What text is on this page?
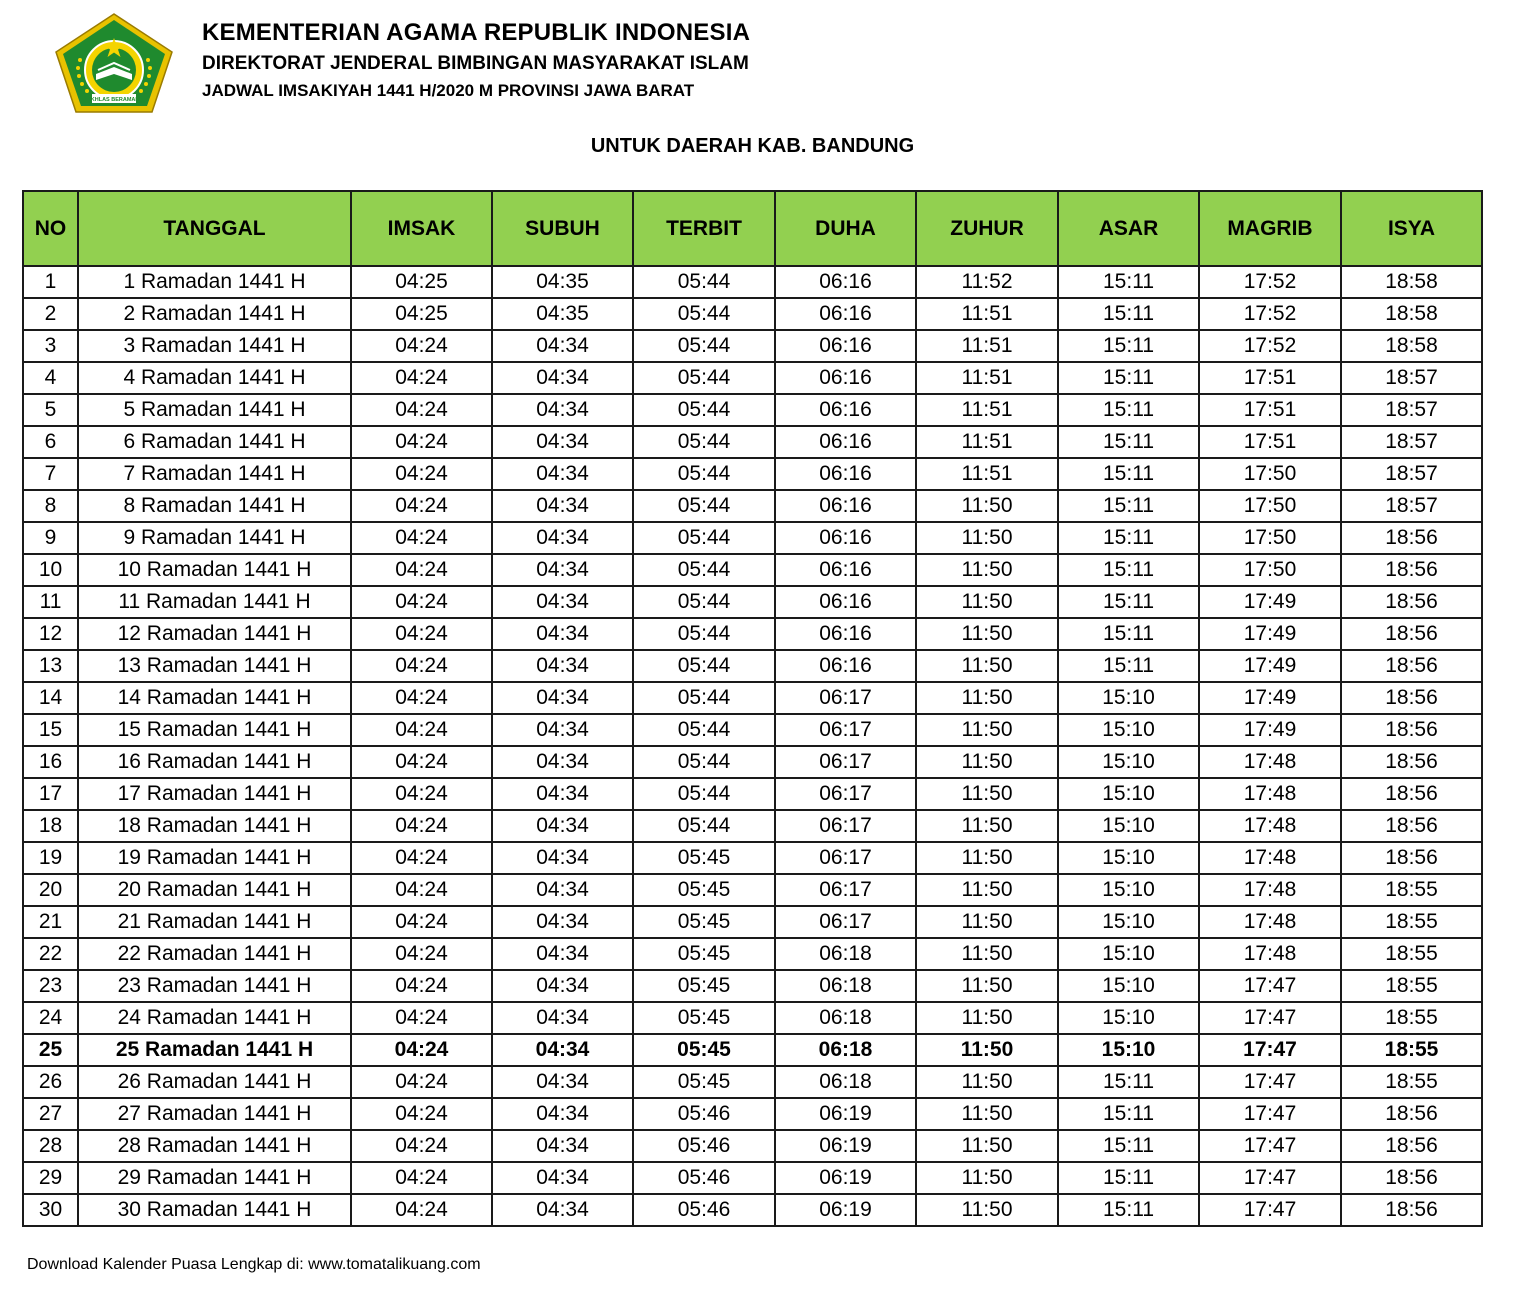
IKHLAS BERAMAL
KEMENTERIAN AGAMA REPUBLIK INDONESIA
DIREKTORAT JENDERAL BIMBINGAN MASYARAKAT ISLAM
JADWAL IMSAKIYAH 1441 H/2020 M PROVINSI JAWA BARAT
UNTUK DAERAH KAB. BANDUNG
NO	TANGGAL	IMSAK	SUBUH	TERBIT	DUHA	ZUHUR	ASAR	MAGRIB	ISYA
1	1 Ramadan 1441 H	04:25	04:35	05:44	06:16	11:52	15:11	17:52	18:58
2	2 Ramadan 1441 H	04:25	04:35	05:44	06:16	11:51	15:11	17:52	18:58
3	3 Ramadan 1441 H	04:24	04:34	05:44	06:16	11:51	15:11	17:52	18:58
4	4 Ramadan 1441 H	04:24	04:34	05:44	06:16	11:51	15:11	17:51	18:57
5	5 Ramadan 1441 H	04:24	04:34	05:44	06:16	11:51	15:11	17:51	18:57
6	6 Ramadan 1441 H	04:24	04:34	05:44	06:16	11:51	15:11	17:51	18:57
7	7 Ramadan 1441 H	04:24	04:34	05:44	06:16	11:51	15:11	17:50	18:57
8	8 Ramadan 1441 H	04:24	04:34	05:44	06:16	11:50	15:11	17:50	18:57
9	9 Ramadan 1441 H	04:24	04:34	05:44	06:16	11:50	15:11	17:50	18:56
10	10 Ramadan 1441 H	04:24	04:34	05:44	06:16	11:50	15:11	17:50	18:56
11	11 Ramadan 1441 H	04:24	04:34	05:44	06:16	11:50	15:11	17:49	18:56
12	12 Ramadan 1441 H	04:24	04:34	05:44	06:16	11:50	15:11	17:49	18:56
13	13 Ramadan 1441 H	04:24	04:34	05:44	06:16	11:50	15:11	17:49	18:56
14	14 Ramadan 1441 H	04:24	04:34	05:44	06:17	11:50	15:10	17:49	18:56
15	15 Ramadan 1441 H	04:24	04:34	05:44	06:17	11:50	15:10	17:49	18:56
16	16 Ramadan 1441 H	04:24	04:34	05:44	06:17	11:50	15:10	17:48	18:56
17	17 Ramadan 1441 H	04:24	04:34	05:44	06:17	11:50	15:10	17:48	18:56
18	18 Ramadan 1441 H	04:24	04:34	05:44	06:17	11:50	15:10	17:48	18:56
19	19 Ramadan 1441 H	04:24	04:34	05:45	06:17	11:50	15:10	17:48	18:56
20	20 Ramadan 1441 H	04:24	04:34	05:45	06:17	11:50	15:10	17:48	18:55
21	21 Ramadan 1441 H	04:24	04:34	05:45	06:17	11:50	15:10	17:48	18:55
22	22 Ramadan 1441 H	04:24	04:34	05:45	06:18	11:50	15:10	17:48	18:55
23	23 Ramadan 1441 H	04:24	04:34	05:45	06:18	11:50	15:10	17:47	18:55
24	24 Ramadan 1441 H	04:24	04:34	05:45	06:18	11:50	15:10	17:47	18:55
25	25 Ramadan 1441 H	04:24	04:34	05:45	06:18	11:50	15:10	17:47	18:55
26	26 Ramadan 1441 H	04:24	04:34	05:45	06:18	11:50	15:11	17:47	18:55
27	27 Ramadan 1441 H	04:24	04:34	05:46	06:19	11:50	15:11	17:47	18:56
28	28 Ramadan 1441 H	04:24	04:34	05:46	06:19	11:50	15:11	17:47	18:56
29	29 Ramadan 1441 H	04:24	04:34	05:46	06:19	11:50	15:11	17:47	18:56
30	30 Ramadan 1441 H	04:24	04:34	05:46	06:19	11:50	15:11	17:47	18:56
Download Kalender Puasa Lengkap di: www.tomatalikuang.com
